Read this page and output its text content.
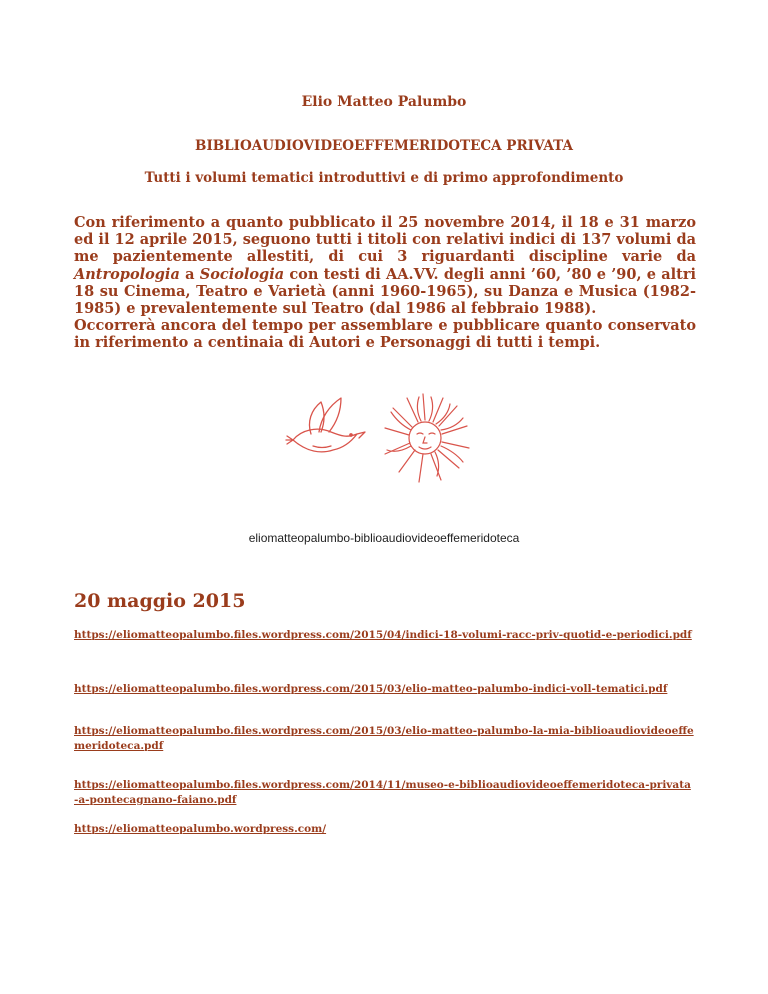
Elio Matteo Palumbo
BIBLIOAUDIOVIDEOEFFEMERIDOTECA PRIVATA
Tutti i volumi tematici introduttivi e di primo approfondimento

Con riferimento a quanto pubblicato il 25 novembre 2014, il 18 e 31 marzo ed il 12 aprile 2015, seguono tutti i titoli con relativi indici di 137 volumi da me pazientemente allestiti, di cui 3 riguardanti discipline varie da Antropologia a Sociologia con testi di AA.VV. degli anni ’60, ’80 e ’90, e altri 18 su Cinema, Teatro e Varietà (anni 1960-1965), su Danza e Musica (1982-1985) e prevalentemente sul Teatro (dal 1986 al febbraio 1988).

Occorrerà ancora del tempo per assemblare e pubblicare quanto conservato in riferimento a centinaia di Autori e Personaggi di tutti i tempi.

eliomatteopalumbo-biblioaudiovideoeffemeridoteca
20 maggio 2015
https://eliomatteopalumbo.files.wordpress.com/2015/04/indici-18-volumi-racc-priv-quotid-e-periodici.pdf
https://eliomatteopalumbo.files.wordpress.com/2015/03/elio-matteo-palumbo-indici-voll-tematici.pdf
https://eliomatteopalumbo.files.wordpress.com/2015/03/elio-matteo-palumbo-la-mia-biblioaudiovideoeffemeridoteca.pdf
https://eliomatteopalumbo.files.wordpress.com/2014/11/museo-e-biblioaudiovideoeffemeridoteca-privata-a-pontecagnano-faiano.pdf
https://eliomatteopalumbo.wordpress.com/
